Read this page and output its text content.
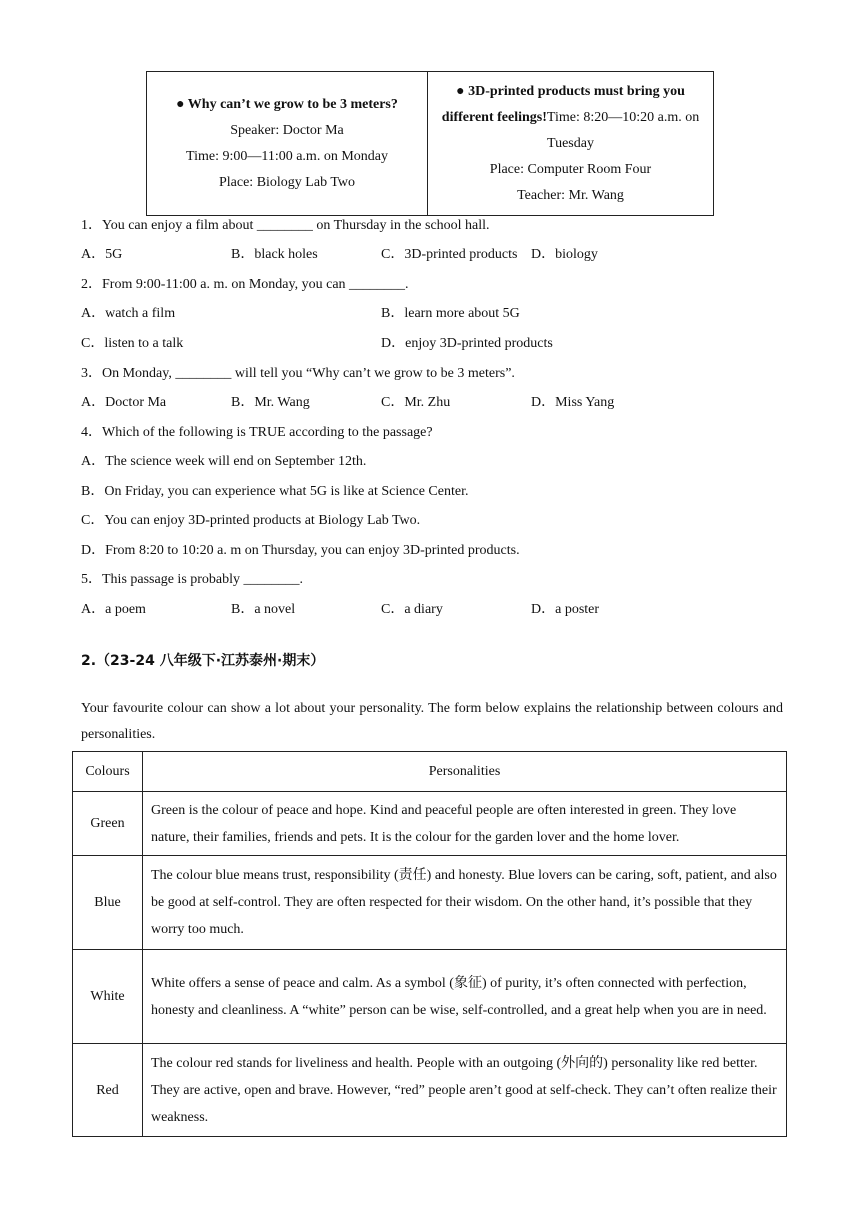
● Why can’t we grow to be 3 meters?Speaker: Doctor Ma
Time: 9:00—11:00 a.m. on Monday
Place: Biology Lab Two	● 3D-printed products must bring you different feelings!Time: 8:20—10:20 a.m. on Tuesday
Place: Computer Room Four
Teacher: Mr. Wang
1．You can enjoy a film about ________ on Thursday in the school hall.
A．5G	B．black holes	C．3D-printed products D．biology
2．From 9:00-11:00 a. m. on Monday, you can ________.
A．watch a film	B．learn more about 5G
C．listen to a talk	D．enjoy 3D-printed products
3．On Monday, ________ will tell you “Why can’t we grow to be 3 meters”.
A．Doctor Ma	B．Mr. Wang	C．Mr. Zhu	D．Miss Yang
4．Which of the following is TRUE according to the passage?
A．The science week will end on September 12th.
B．On Friday, you can experience what 5G is like at Science Center.
C．You can enjoy 3D-printed products at Biology Lab Two.
D．From 8:20 to 10:20 a. m on Thursday, you can enjoy 3D-printed products.
5．This passage is probably ________.
A．a poem	B．a novel	C．a diary	D．a poster
2.（23-24 八年级下·江苏泰州·期末）
Your favourite colour can show a lot about your personality. The form below explains the relationship between colours and personalities.
Colours	Personalities
Green	Green is the colour of peace and hope. Kind and peaceful people are often interested in green. They love nature, their families, friends and pets. It is the colour for the garden lover and the home lover.
Blue	The colour blue means trust, responsibility (责任) and honesty. Blue lovers can be caring, soft, patient, and also be good at self-control. They are often respected for their wisdom. On the other hand, it’s possible that they worry too much.
White	White offers a sense of peace and calm. As a symbol (象征) of purity, it’s often connected with perfection, honesty and cleanliness. A “white” person can be wise, self-controlled, and a great help when you are in need.
Red	The colour red stands for liveliness and health. People with an outgoing (外向的) personality like red better. They are active, open and brave. However, “red” people aren’t good at self-check. They can’t often realize their weakness.
